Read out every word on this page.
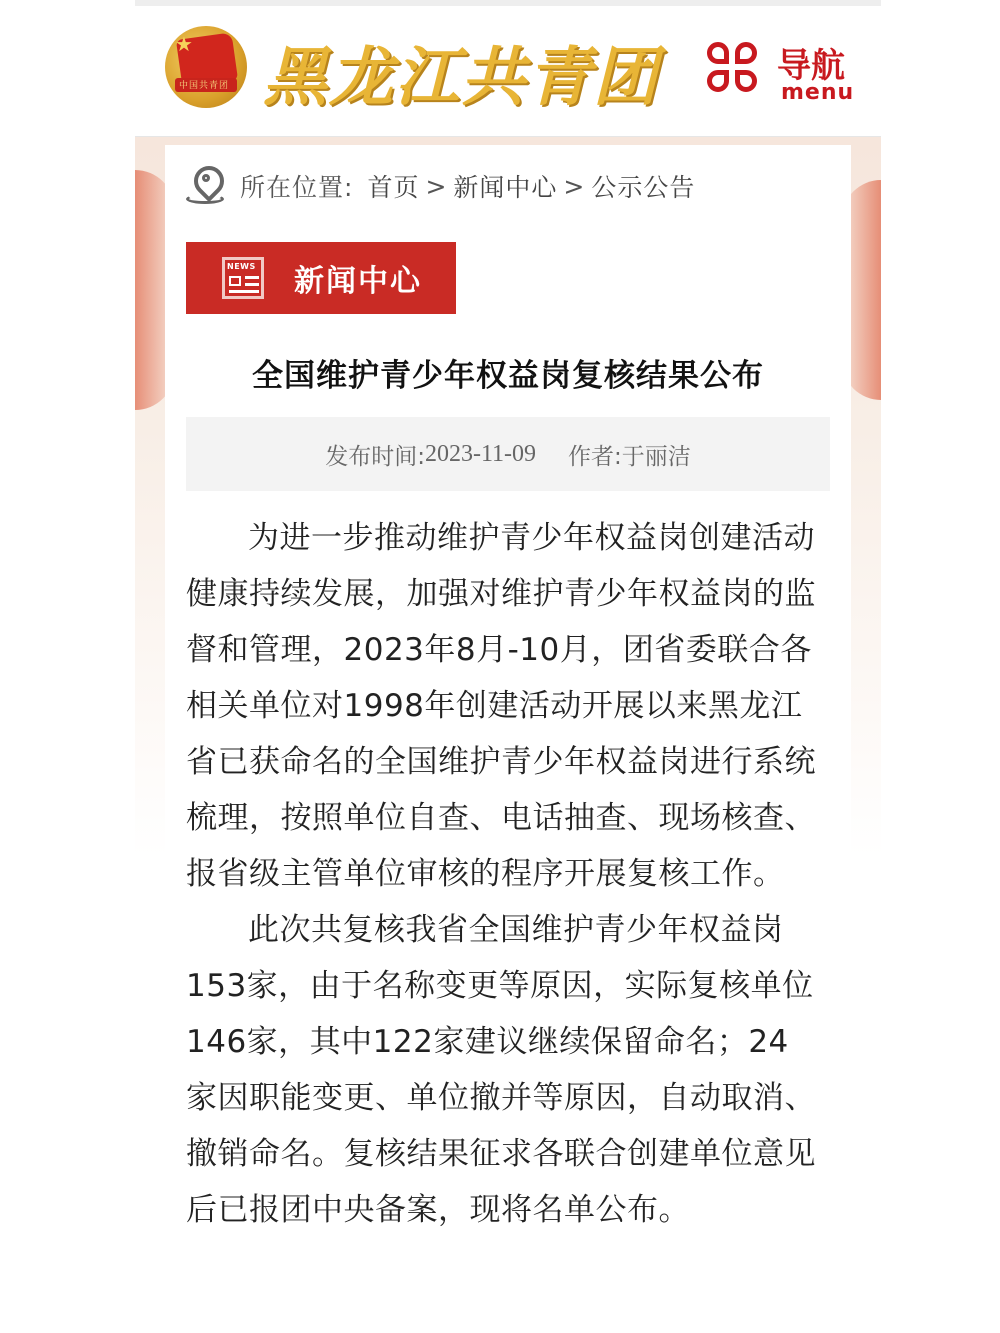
★
中国共青团 黑龙江共青团	导航
menu
所在位置: 首页 > 新闻中心 > 公示公告
NEWS 新闻中心
全国维护青少年权益岗复核结果公布
发布时间: 2023-11-09 作者: 于丽洁

为进一步推动维护青少年权益岗创建活动健康持续发展，加强对维护青少年权益岗的监督和管理，2023年8月-10月，团省委联合各相关单位对1998年创建活动开展以来黑龙江省已获命名的全国维护青少年权益岗进行系统梳理，按照单位自查、电话抽查、现场核查、报省级主管单位审核的程序开展复核工作。

此次共复核我省全国维护青少年权益岗153家，由于名称变更等原因，实际复核单位146家，其中122家建议继续保留命名；24家因职能变更、单位撤并等原因，自动取消、撤销命名。复核结果征求各联合创建单位意见后已报团中央备案，现将名单公布。
